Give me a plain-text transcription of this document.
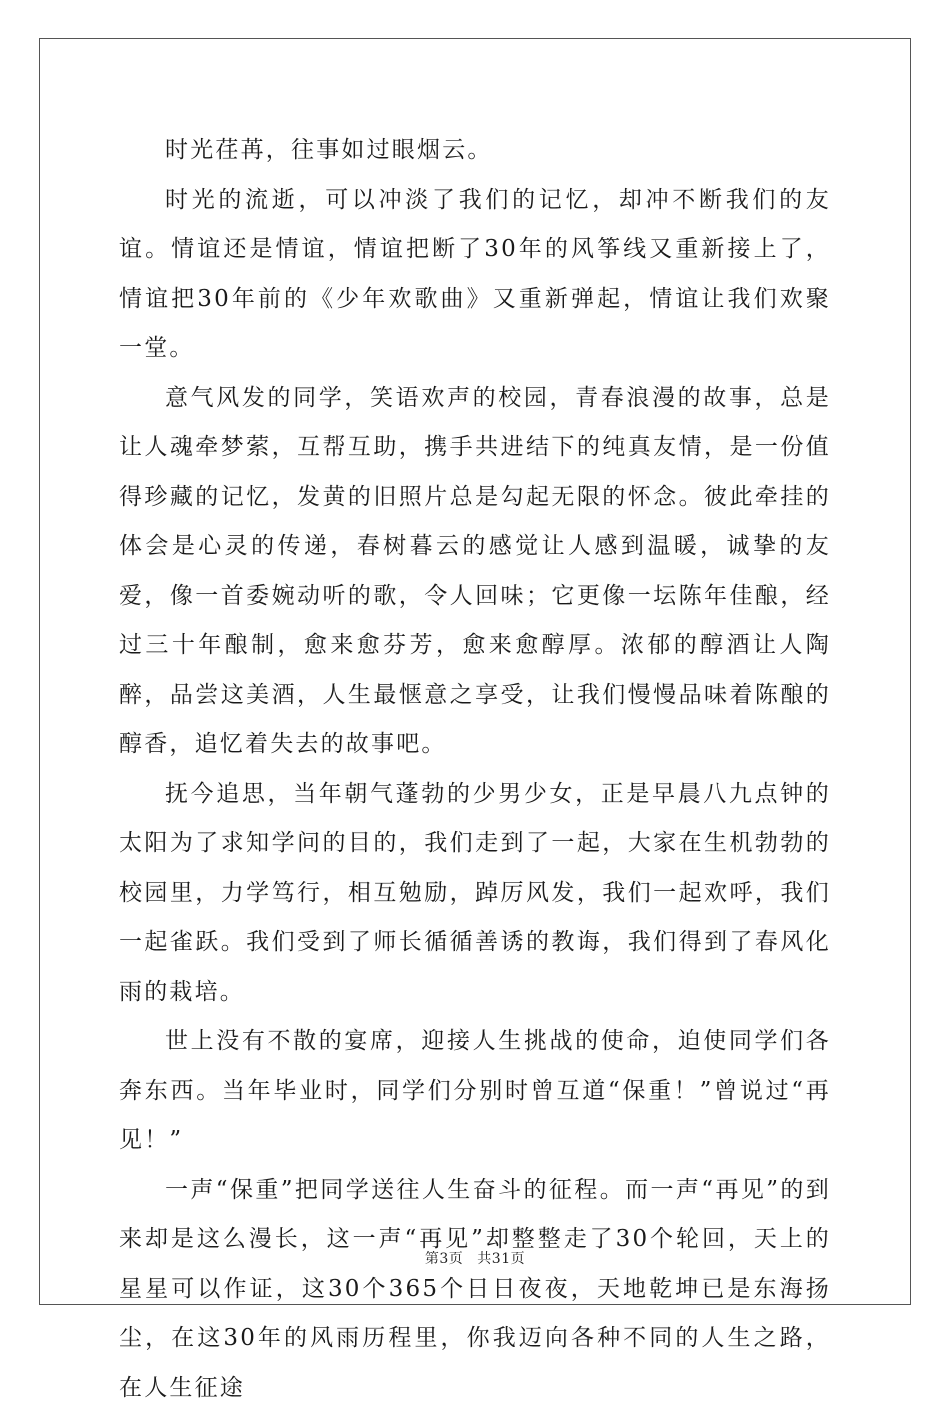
时光荏苒，往事如过眼烟云。

时光的流逝，可以冲淡了我们的记忆，却冲不断我们的友谊。情谊还是情谊，情谊把断了30年的风筝线又重新接上了，情谊把30年前的《少年欢歌曲》又重新弹起，情谊让我们欢聚一堂。

意气风发的同学，笑语欢声的校园，青春浪漫的故事，总是让人魂牵梦萦，互帮互助，携手共进结下的纯真友情，是一份值得珍藏的记忆，发黄的旧照片总是勾起无限的怀念。彼此牵挂的体会是心灵的传递，春树暮云的感觉让人感到温暖，诚挚的友爱，像一首委婉动听的歌，令人回味；它更像一坛陈年佳酿，经过三十年酿制，愈来愈芬芳，愈来愈醇厚。浓郁的醇酒让人陶醉，品尝这美酒，人生最惬意之享受，让我们慢慢品味着陈酿的醇香，追忆着失去的故事吧。

抚今追思，当年朝气蓬勃的少男少女，正是早晨八九点钟的太阳为了求知学问的目的，我们走到了一起，大家在生机勃勃的校园里，力学笃行，相互勉励，踔厉风发，我们一起欢呼，我们一起雀跃。我们受到了师长循循善诱的教诲，我们得到了春风化雨的栽培。

世上没有不散的宴席，迎接人生挑战的使命，迫使同学们各奔东西。当年毕业时，同学们分别时曾互道“保重！”曾说过“再见！”

一声“保重”把同学送往人生奋斗的征程。而一声“再见”的到来却是这么漫长，这一声“再见”却整整走了30个轮回，天上的星星可以作证，这30个365个日日夜夜，天地乾坤已是东海扬尘，在这30年的风雨历程里，你我迈向各种不同的人生之路，在人生征途

第3页 共31页
